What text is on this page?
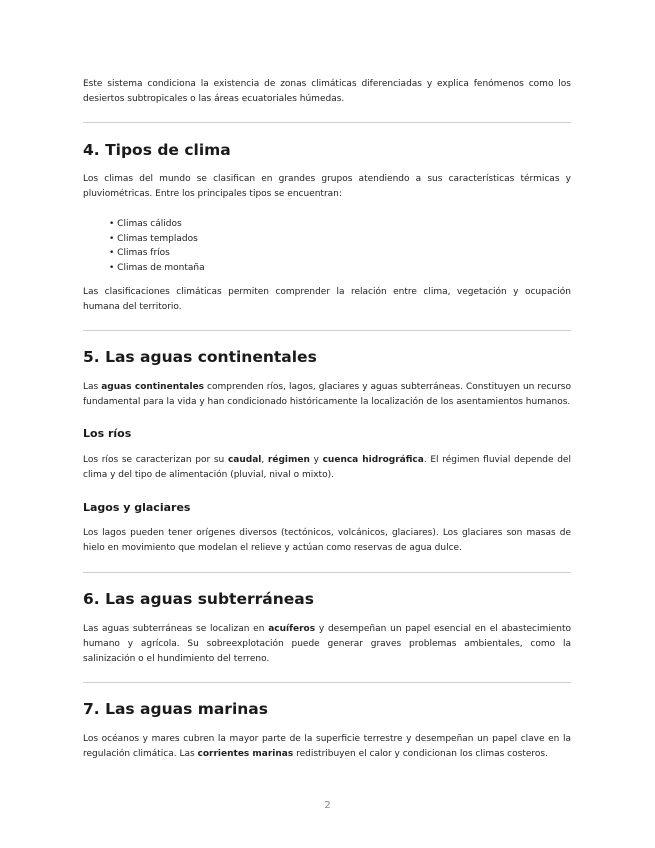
Este sistema condiciona la existencia de zonas climáticas diferenciadas y explica fenómenos como los desiertos subtropicales o las áreas ecuatoriales húmedas.

4. Tipos de clima

Los climas del mundo se clasifican en grandes grupos atendiendo a sus características térmicas y pluviométricas. Entre los principales tipos se encuentran:

• Climas cálidos
• Climas templados
• Climas fríos
• Climas de montaña

Las clasificaciones climáticas permiten comprender la relación entre clima, vegetación y ocupación humana del territorio.

5. Las aguas continentales

Las aguas continentales comprenden ríos, lagos, glaciares y aguas subterráneas. Constituyen un recurso fundamental para la vida y han condicionado históricamente la localización de los asentamientos humanos.

Los ríos

Los ríos se caracterizan por su caudal, régimen y cuenca hidrográfica. El régimen fluvial depende del clima y del tipo de alimentación (pluvial, nival o mixto).

Lagos y glaciares

Los lagos pueden tener orígenes diversos (tectónicos, volcánicos, glaciares). Los glaciares son masas de hielo en movimiento que modelan el relieve y actúan como reservas de agua dulce.

6. Las aguas subterráneas

Las aguas subterráneas se localizan en acuíferos y desempeñan un papel esencial en el abastecimiento humano y agrícola. Su sobreexplotación puede generar graves problemas ambientales, como la salinización o el hundimiento del terreno.

7. Las aguas marinas

Los océanos y mares cubren la mayor parte de la superficie terrestre y desempeñan un papel clave en la regulación climática. Las corrientes marinas redistribuyen el calor y condicionan los climas costeros.

2
